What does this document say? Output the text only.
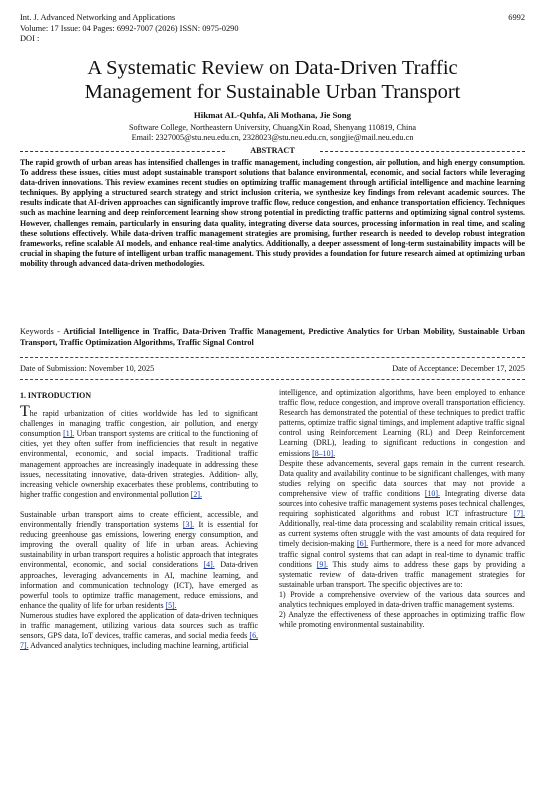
Int. J. Advanced Networking and Applications
Volume: 17 Issue: 04 Pages: 6992-7007 (2026) ISSN: 0975-0290
DOI :
6992
A Systematic Review on Data-Driven Traffic
Management for Sustainable Urban Transport
Hikmat AL-Quhfa, Ali Mothana, Jie Song
Software College, Northeastern University, ChuangXin Road, Shenyang 110819, China
Email: 2327005@stu.neu.edu.cn, 2328023@stu.neu.edu.cn, songjie@mail.neu.edu.cn
ABSTRACT
The rapid growth of urban areas has intensified challenges in traffic management, including congestion, air pollution, and high energy consumption. To address these issues, cities must adopt sustainable transport solutions that balance environmental, economic, and social factors while leveraging data-driven innovations. This review examines recent studies on optimizing traffic management through artificial intelligence and machine learning techniques. By applying a structured search strategy and strict inclusion criteria, we synthesize key findings from relevant academic sources. The results indicate that AI-driven approaches can significantly improve traffic flow, reduce congestion, and enhance transportation efficiency. Techniques such as machine learning and deep reinforcement learning show strong potential in predicting traffic patterns and optimizing signal control systems. However, challenges remain, particularly in ensuring data quality, integrating diverse data sources, processing information in real time, and scaling these solutions effectively. While data-driven traffic management strategies are promising, further research is needed to develop robust integration frameworks, refine scalable AI models, and enhance real-time analytics. Additionally, a deeper assessment of long-term sustainability impacts will be crucial in shaping the future of intelligent urban traffic management. This study provides a foundation for future research aimed at optimizing urban mobility through advanced data-driven methodologies.
Keywords - Artificial Intelligence in Traffic, Data-Driven Traffic Management, Predictive Analytics for Urban Mobility, Sustainable Urban Transport, Traffic Optimization Algorithms, Traffic Signal Control
Date of Submission: November 10, 2025	Date of Acceptance: December 17, 2025
1. INTRODUCTION

The rapid urbanization of cities worldwide has led to significant challenges in managing traffic congestion, air pollution, and energy consumption [1]. Urban transport systems are critical to the functioning of cities, yet they often suffer from inefficiencies that result in negative environmental, economic, and social impacts. Traditional traffic management approaches are increasingly inadequate in addressing these issues, necessitating innovative, data-driven strategies. Addition- ally, increasing vehicle ownership exacerbates these problems, contributing to higher traffic congestion and environmental pollution [2].

Sustainable urban transport aims to create efficient, accessible, and environmentally friendly transportation systems [3]. It is essential for reducing greenhouse gas emissions, lowering energy consumption, and improving the overall quality of life in urban areas. Achieving sustainability in urban transport requires a holistic approach that integrates environmental, economic, and social considerations [4]. Data-driven approaches, leveraging advancements in AI, machine learning, and information and communication technology (ICT), have emerged as powerful tools to optimize traffic management, reduce emissions, and enhance the quality of life for urban residents [5].

Numerous studies have explored the application of data-driven techniques in traffic management, utilizing various data sources such as traffic sensors, GPS data, IoT devices, traffic cameras, and social media feeds [6, 7]. Advanced analytics techniques, including machine learning, artificial

intelligence, and optimization algorithms, have been employed to enhance traffic flow, reduce congestion, and improve overall transportation efficiency. Research has demonstrated the potential of these techniques to predict traffic patterns, optimize traffic signal timings, and implement adaptive traffic signal control using Reinforcement Learning (RL) and Deep Reinforcement Learning (DRL), leading to significant reductions in congestion and emissions [8–10].

Despite these advancements, several gaps remain in the current research. Data quality and availability continue to be significant challenges, with many studies relying on specific data sources that may not provide a comprehensive view of traffic conditions [10]. Integrating diverse data sources into cohesive traffic management systems poses technical challenges, requiring sophisticated algorithms and robust ICT infrastructure [7]. Additionally, real-time data processing and scalability remain critical issues, as current systems often struggle with the vast amounts of data required for timely decision-making [6]. Furthermore, there is a need for more advanced traffic signal control systems that can adapt in real-time to dynamic traffic conditions [9]. This study aims to address these gaps by providing a systematic review of data-driven traffic management strategies for sustainable urban transport. The specific objectives are to:

1) Provide a comprehensive overview of the various data sources and analytics techniques employed in data-driven traffic management systems.

2) Analyze the effectiveness of these approaches in optimizing traffic flow while promoting environmental sustainability.
